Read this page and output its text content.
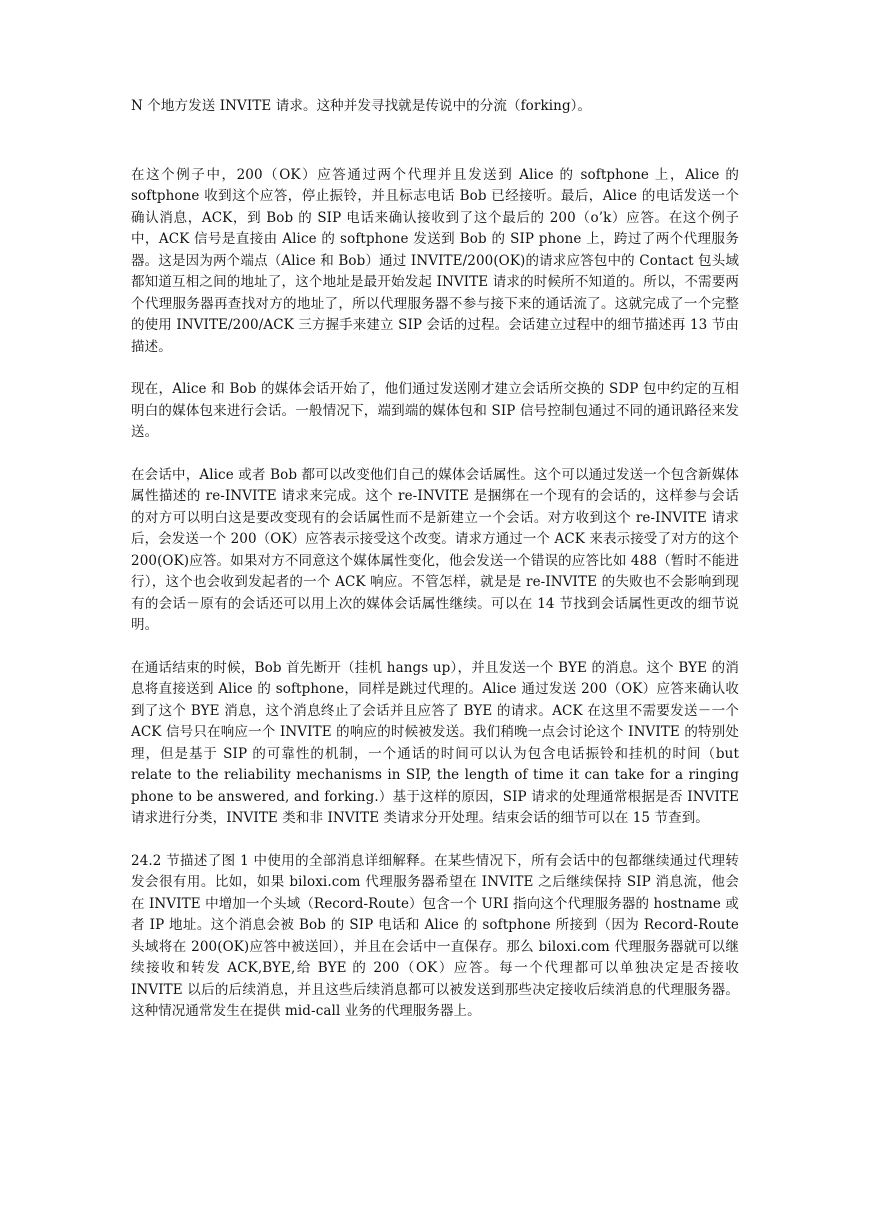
N 个地方发送 INVITE 请求。这种并发寻找就是传说中的分流（forking）。

在这个例子中，200（OK）应答通过两个代理并且发送到 Alice 的 softphone 上，Alice 的 softphone 收到这个应答，停止振铃，并且标志电话 Bob 已经接听。最后，Alice 的电话发送一个确认消息，ACK，到 Bob 的 SIP 电话来确认接收到了这个最后的 200（o’k）应答。在这个例子中，ACK 信号是直接由 Alice 的 softphone 发送到 Bob 的 SIP phone 上，跨过了两个代理服务器。这是因为两个端点（Alice 和 Bob）通过 INVITE/200(OK)的请求应答包中的 Contact 包头域都知道互相之间的地址了，这个地址是最开始发起 INVITE 请求的时候所不知道的。所以，不需要两个代理服务器再查找对方的地址了，所以代理服务器不参与接下来的通话流了。这就完成了一个完整的使用 INVITE/200/ACK 三方握手来建立 SIP 会话的过程。会话建立过程中的细节描述再 13 节由描述。

现在，Alice 和 Bob 的媒体会话开始了，他们通过发送刚才建立会话所交换的 SDP 包中约定的互相明白的媒体包来进行会话。一般情况下，端到端的媒体包和 SIP 信号控制包通过不同的通讯路径来发送。

在会话中，Alice 或者 Bob 都可以改变他们自己的媒体会话属性。这个可以通过发送一个包含新媒体属性描述的 re-INVITE 请求来完成。这个 re-INVITE 是捆绑在一个现有的会话的，这样参与会话的对方可以明白这是要改变现有的会话属性而不是新建立一个会话。对方收到这个 re-INVITE 请求后，会发送一个 200（OK）应答表示接受这个改变。请求方通过一个 ACK 来表示接受了对方的这个 200(OK)应答。如果对方不同意这个媒体属性变化，他会发送一个错误的应答比如 488（暂时不能进行），这个也会收到发起者的一个 ACK 响应。不管怎样，就是是 re-INVITE 的失败也不会影响到现有的会话－原有的会话还可以用上次的媒体会话属性继续。可以在 14 节找到会话属性更改的细节说明。

在通话结束的时候，Bob 首先断开（挂机 hangs up），并且发送一个 BYE 的消息。这个 BYE 的消息将直接送到 Alice 的 softphone，同样是跳过代理的。Alice 通过发送 200（OK）应答来确认收到了这个 BYE 消息，这个消息终止了会话并且应答了 BYE 的请求。ACK 在这里不需要发送－一个 ACK 信号只在响应一个 INVITE 的响应的时候被发送。我们稍晚一点会讨论这个 INVITE 的特别处理，但是基于 SIP 的可靠性的机制，一个通话的时间可以认为包含电话振铃和挂机的时间（but relate to the reliability mechanisms in SIP, the length of time it can take for a ringing phone to be answered, and forking.）基于这样的原因，SIP 请求的处理通常根据是否 INVITE 请求进行分类，INVITE 类和非 INVITE 类请求分开处理。结束会话的细节可以在 15 节查到。

24.2 节描述了图 1 中使用的全部消息详细解释。在某些情况下，所有会话中的包都继续通过代理转发会很有用。比如，如果 biloxi.com 代理服务器希望在 INVITE 之后继续保持 SIP 消息流，他会在 INVITE 中增加一个头域（Record-Route）包含一个 URI 指向这个代理服务器的 hostname 或者 IP 地址。这个消息会被 Bob 的 SIP 电话和 Alice 的 softphone 所接到（因为 Record-Route 头域将在 200(OK)应答中被送回），并且在会话中一直保存。那么 biloxi.com 代理服务器就可以继续接收和转发 ACK,BYE,给 BYE 的 200（OK）应答。每一个代理都可以单独决定是否接收 INVITE 以后的后续消息，并且这些后续消息都可以被发送到那些决定接收后续消息的代理服务器。这种情况通常发生在提供 mid-call 业务的代理服务器上。
